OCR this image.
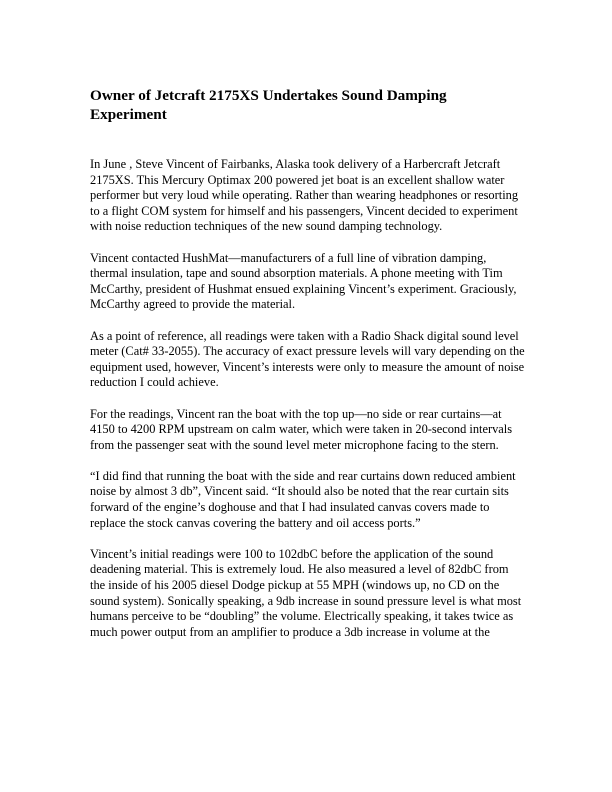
Owner of Jetcraft 2175XS Undertakes Sound Damping Experiment

In June , Steve Vincent of Fairbanks, Alaska took delivery of a Harbercraft Jetcraft 2175XS. This Mercury Optimax 200 powered jet boat is an excellent shallow water performer but very loud while operating. Rather than wearing headphones or resorting to a flight COM system for himself and his passengers, Vincent decided to experiment with noise reduction techniques of the new sound damping technology.

Vincent contacted HushMat—manufacturers of a full line of vibration damping, thermal insulation, tape and sound absorption materials. A phone meeting with Tim McCarthy, president of Hushmat ensued explaining Vincent’s experiment. Graciously, McCarthy agreed to provide the material.

As a point of reference, all readings were taken with a Radio Shack digital sound level meter (Cat# 33-2055). The accuracy of exact pressure levels will vary depending on the equipment used, however, Vincent’s interests were only to measure the amount of noise reduction I could achieve.

For the readings, Vincent ran the boat with the top up—no side or rear curtains—at 4150 to 4200 RPM upstream on calm water, which were taken in 20-second intervals from the passenger seat with the sound level meter microphone facing to the stern.

“I did find that running the boat with the side and rear curtains down reduced ambient noise by almost 3 db”, Vincent said. “It should also be noted that the rear curtain sits forward of the engine’s doghouse and that I had insulated canvas covers made to replace the stock canvas covering the battery and oil access ports.”

Vincent’s initial readings were 100 to 102dbC before the application of the sound deadening material. This is extremely loud. He also measured a level of 82dbC from the inside of his 2005 diesel Dodge pickup at 55 MPH (windows up, no CD on the sound system). Sonically speaking, a 9db increase in sound pressure level is what most humans perceive to be “doubling” the volume. Electrically speaking, it takes twice as much power output from an amplifier to produce a 3db increase in volume at the
